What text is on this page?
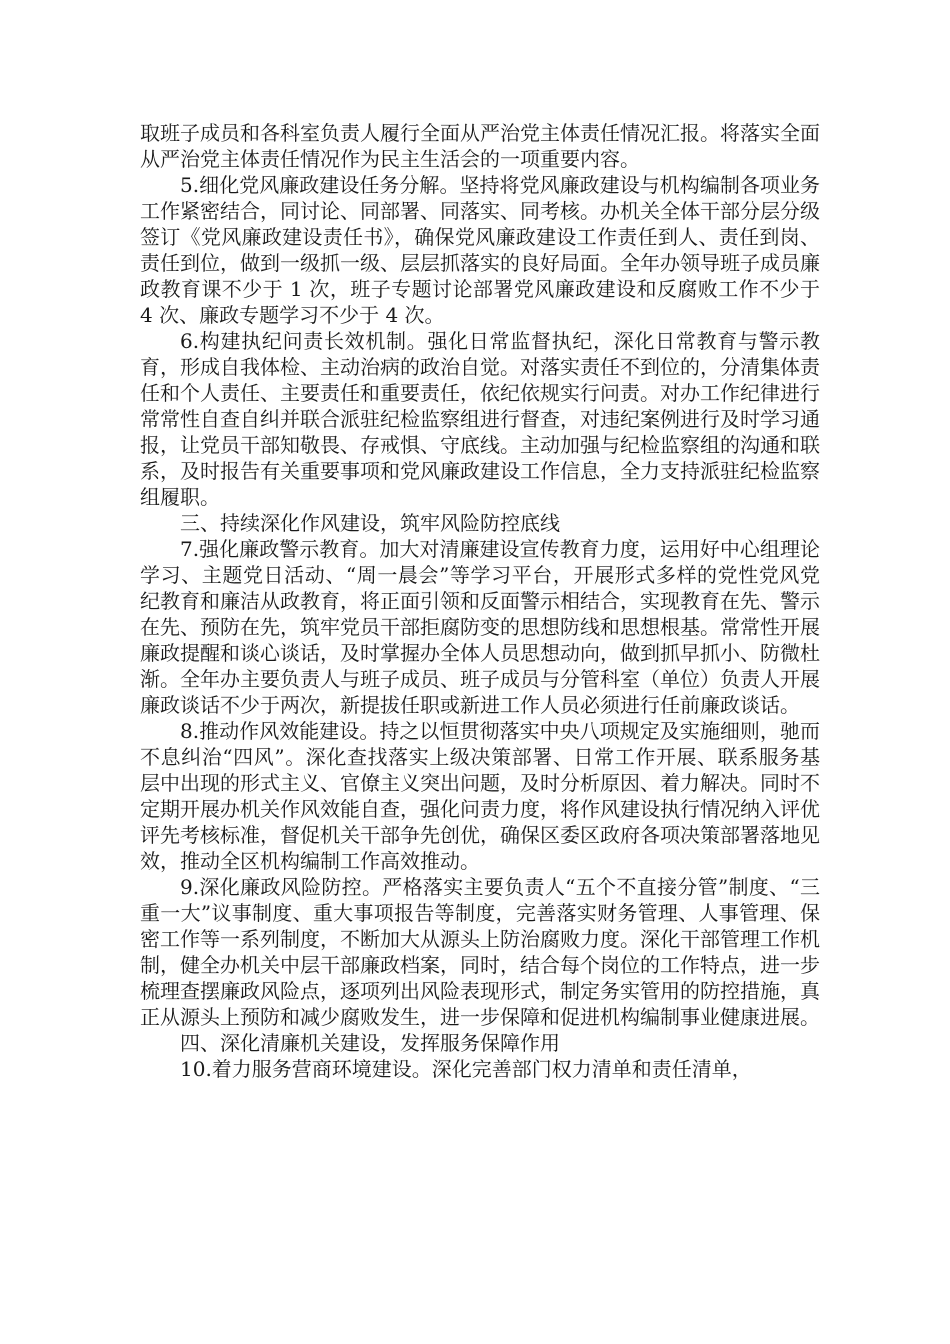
取班子成员和各科室负责人履行全面从严治党主体责任情况汇报。将落实全面从严治党主体责任情况作为民主生活会的一项重要内容。

5.细化党风廉政建设任务分解。坚持将党风廉政建设与机构编制各项业务工作紧密结合，同讨论、同部署、同落实、同考核。办机关全体干部分层分级签订《党风廉政建设责任书》，确保党风廉政建设工作责任到人、责任到岗、责任到位，做到一级抓一级、层层抓落实的良好局面。全年办领导班子成员廉政教育课不少于 1 次，班子专题讨论部署党风廉政建设和反腐败工作不少于 4 次、廉政专题学习不少于 4 次。

6.构建执纪问责长效机制。强化日常监督执纪，深化日常教育与警示教育，形成自我体检、主动治病的政治自觉。对落实责任不到位的，分清集体责任和个人责任、主要责任和重要责任，依纪依规实行问责。对办工作纪律进行常常性自查自纠并联合派驻纪检监察组进行督查，对违纪案例进行及时学习通报，让党员干部知敬畏、存戒惧、守底线。主动加强与纪检监察组的沟通和联系，及时报告有关重要事项和党风廉政建设工作信息，全力支持派驻纪检监察组履职。

三、持续深化作风建设，筑牢风险防控底线

7.强化廉政警示教育。加大对清廉建设宣传教育力度，运用好中心组理论学习、主题党日活动、“周一晨会”等学习平台，开展形式多样的党性党风党纪教育和廉洁从政教育，将正面引领和反面警示相结合，实现教育在先、警示在先、预防在先，筑牢党员干部拒腐防变的思想防线和思想根基。常常性开展廉政提醒和谈心谈话，及时掌握办全体人员思想动向，做到抓早抓小、防微杜渐。全年办主要负责人与班子成员、班子成员与分管科室（单位）负责人开展廉政谈话不少于两次，新提拔任职或新进工作人员必须进行任前廉政谈话。

8.推动作风效能建设。持之以恒贯彻落实中央八项规定及实施细则，驰而不息纠治“四风”。深化查找落实上级决策部署、日常工作开展、联系服务基层中出现的形式主义、官僚主义突出问题，及时分析原因、着力解决。同时不定期开展办机关作风效能自查，强化问责力度，将作风建设执行情况纳入评优评先考核标准，督促机关干部争先创优，确保区委区政府各项决策部署落地见效，推动全区机构编制工作高效推动。

9.深化廉政风险防控。严格落实主要负责人“五个不直接分管”制度、“三重一大”议事制度、重大事项报告等制度，完善落实财务管理、人事管理、保密工作等一系列制度，不断加大从源头上防治腐败力度。深化干部管理工作机制，健全办机关中层干部廉政档案，同时，结合每个岗位的工作特点，进一步梳理查摆廉政风险点，逐项列出风险表现形式，制定务实管用的防控措施，真正从源头上预防和减少腐败发生，进一步保障和促进机构编制事业健康进展。

四、深化清廉机关建设，发挥服务保障作用

10.着力服务营商环境建设。深化完善部门权力清单和责任清单，
